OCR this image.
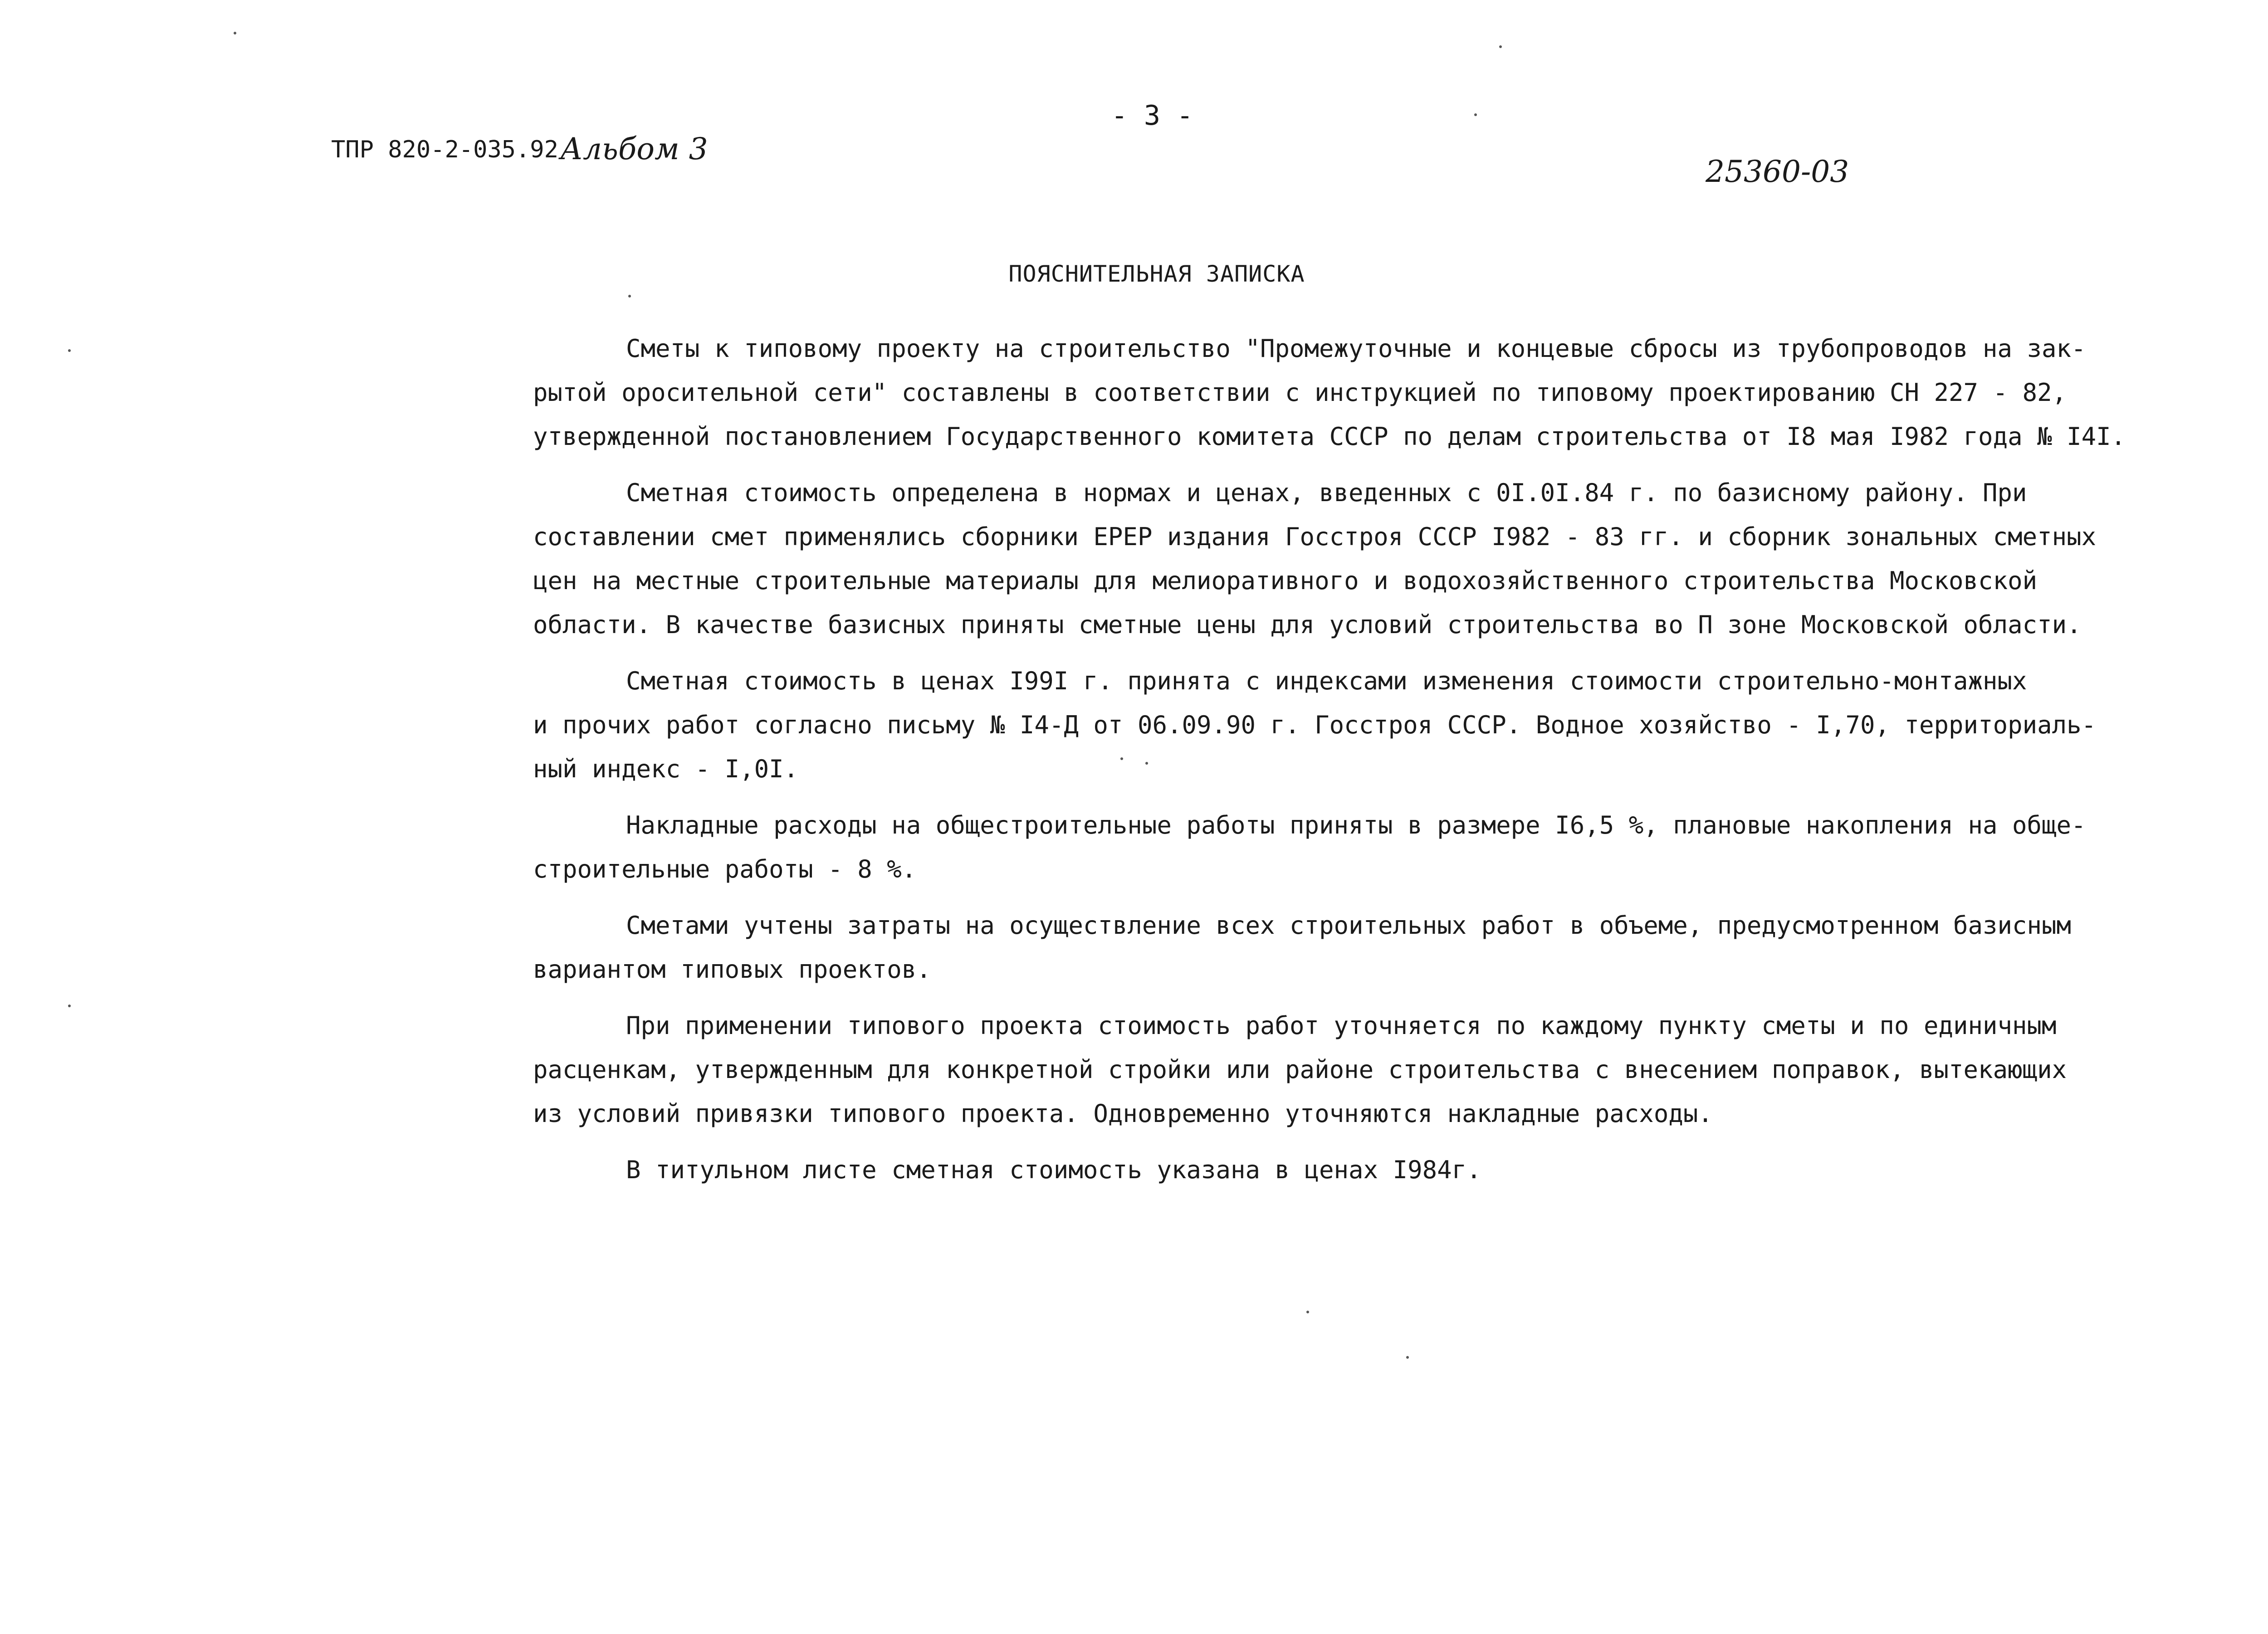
- 3 -
ТПР 820-2-035.92 Альбом 3
25360-03
ПОЯСНИТЕЛЬНАЯ ЗАПИСКА

Сметы к типовому проекту на строительство "Промежуточные и концевые сбросы из трубопроводов на зак-
рытой оросительной сети" составлены в соответствии с инструкцией по типовому проектированию СН 227 - 82,
утвержденной постановлением Государственного комитета СССР по делам строительства от I8 мая I982 года № I4I.

Сметная стоимость определена в нормах и ценах, введенных с 0I.0I.84 г. по базисному району. При
составлении смет применялись сборники ЕРЕР издания Госстроя СССР I982 - 83 гг. и сборник зональных сметных
цен на местные строительные материалы для мелиоративного и водохозяйственного строительства Московской
области. В качестве базисных приняты сметные цены для условий строительства во П зоне Московской области.

Сметная стоимость в ценах I99I г. принята с индексами изменения стоимости строительно-монтажных
и прочих работ согласно письму № I4-Д от 06.09.90 г. Госстроя СССР. Водное хозяйство - I,70, территориаль-
ный индекс - I,0I.

Накладные расходы на общестроительные работы приняты в размере I6,5 %, плановые накопления на обще-
строительные работы - 8 %.

Сметами учтены затраты на осуществление всех строительных работ в объеме, предусмотренном базисным
вариантом типовых проектов.

При применении типового проекта стоимость работ уточняется по каждому пункту сметы и по единичным
расценкам, утвержденным для конкретной стройки или районе строительства с внесением поправок, вытекающих
из условий привязки типового проекта. Одновременно уточняются накладные расходы.

В титульном листе сметная стоимость указана в ценах I984г.
